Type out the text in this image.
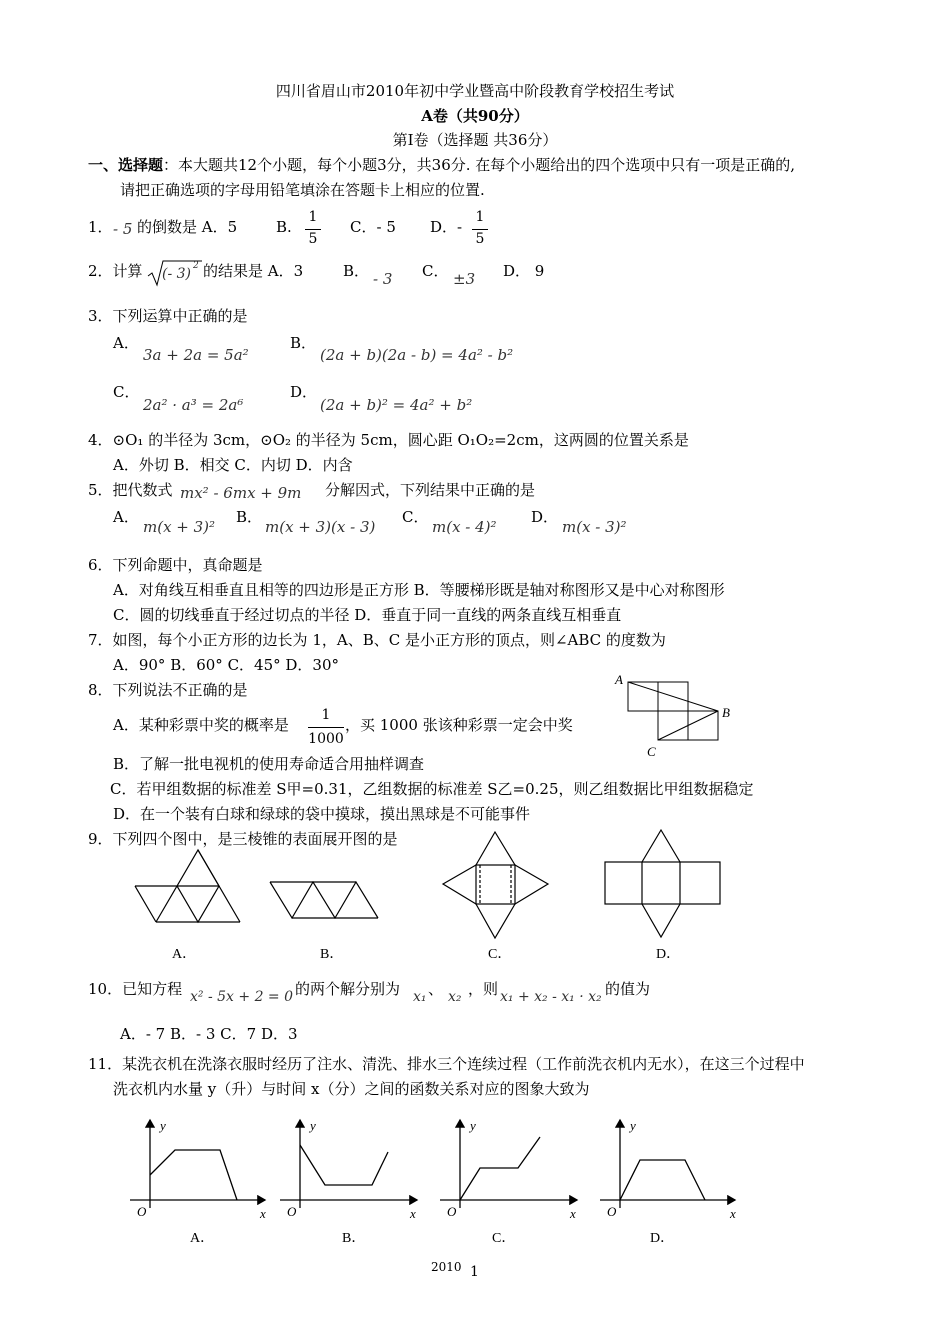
四川省眉山市2010年初中学业暨高中阶段教育学校招生考试
A卷（共90分）
第Ⅰ卷（选择题 共36分）
一、选择题：本大题共12个小题，每个小题3分，共36分. 在每个小题给出的四个选项中只有一项是正确的,
请把正确选项的字母用铅笔填涂在答题卡上相应的位置.
1． - 5 的倒数是 A．5	B.
1
5
C．- 5 D．-
1
5
2．计算 (- 3) 2 的结果是 A．3	B． - 3 C． ±3 D． 9
3．下列运算中正确的是
A．
3a + 2a = 5a²
B．
(2a + b)(2a - b) = 4a² - b²
C．
2a² · a³ = 2a⁶
D．
(2a + b)² = 4a² + b²
4．⊙O₁ 的半径为 3cm，⊙O₂ 的半径为 5cm，圆心距 O₁O₂=2cm，这两圆的位置关系是
A．外切 B．相交 C．内切 D．内含
5．把代数式 mx² - 6mx + 9m 分解因式，下列结果中正确的是
A．
m(x + 3)²
B．
m(x + 3)(x - 3)
C．
m(x - 4)²
D．
m(x - 3)²
6．下列命题中，真命题是
A．对角线互相垂直且相等的四边形是正方形 B．等腰梯形既是轴对称图形又是中心对称图形
C．圆的切线垂直于经过切点的半径 D．垂直于同一直线的两条直线互相垂直
7．如图，每个小正方形的边长为 1，A、B、C 是小正方形的顶点，则∠ABC 的度数为
A．90° B．60° C．45° D．30°
A
B
C
8．下列说法不正确的是
A．某种彩票中奖的概率是
1
1000
，买 1000 张该种彩票一定会中奖
B．了解一批电视机的使用寿命适合用抽样调查
C．若甲组数据的标准差 S甲=0.31，乙组数据的标准差 S乙=0.25，则乙组数据比甲组数据稳定
D．在一个装有白球和绿球的袋中摸球，摸出黑球是不可能事件
9．下列四个图中，是三棱锥的表面展开图的是
A．	B．	C．	D．
10．已知方程 x² - 5x + 2 = 0 的两个解分别为 x₁ 、 x₂ ，则 x₁ + x₂ - x₁ · x₂ 的值为
A．- 7 B．- 3 C．7 D．3
11．某洗衣机在洗涤衣服时经历了注水、清洗、排水三个连续过程（工作前洗衣机内无水），在这三个过程中
洗衣机内水量 y（升）与时间 x（分）之间的函数关系对应的图象大致为
y
x
O
y
x
O
y
x
O
y
x
O
A．	B．	C．	D．
2010 1
